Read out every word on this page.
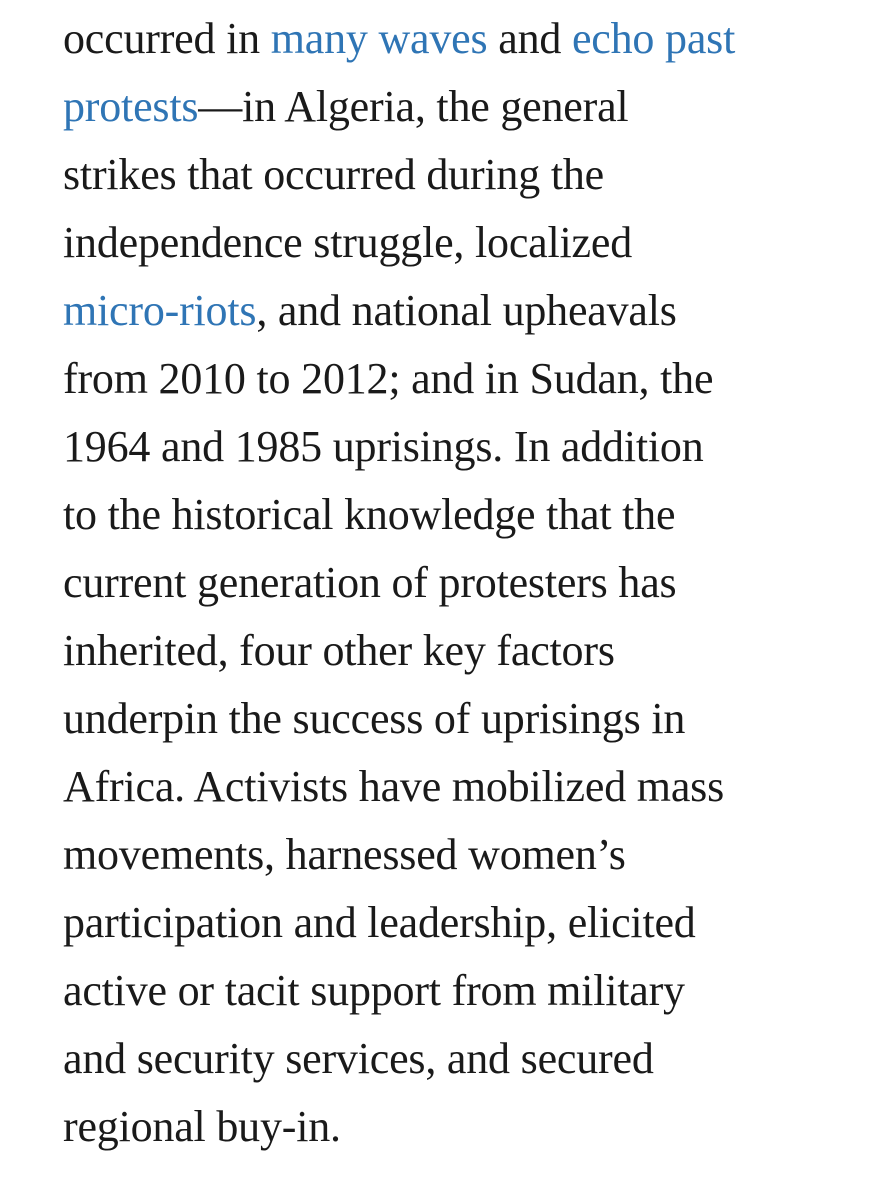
occurred in many waves and echo past
protests—in Algeria, the general
strikes that occurred during the
independence struggle, localized
micro-riots, and national upheavals
from 2010 to 2012; and in Sudan, the
1964 and 1985 uprisings. In addition
to the historical knowledge that the
current generation of protesters has
inherited, four other key factors
underpin the success of uprisings in
Africa. Activists have mobilized mass
movements, harnessed women’s
participation and leadership, elicited
active or tacit support from military
and security services, and secured
regional buy-in.
